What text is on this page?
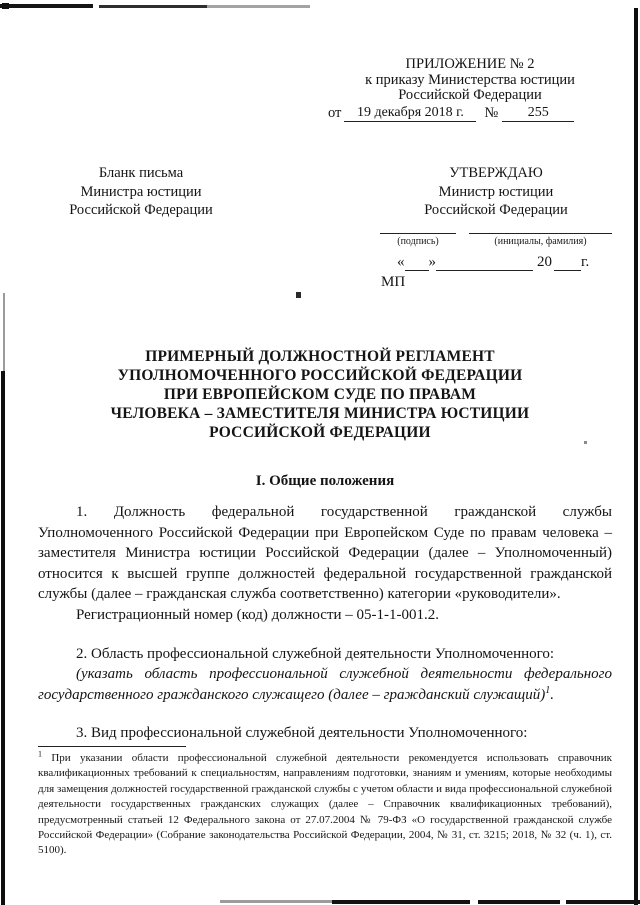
ПРИЛОЖЕНИЕ № 2
к приказу Министерства юстиции
Российской Федерации
от	19 декабря 2018 г.	№	255
Бланк письма
Министра юстиции
Российской Федерации
УТВЕРЖДАЮ
Министр юстиции
Российской Федерации
(подпись)	(инициалы, фамилия)
« »	20 г.
МП
ПРИМЕРНЫЙ ДОЛЖНОСТНОЙ РЕГЛАМЕНТ
УПОЛНОМОЧЕННОГО РОССИЙСКОЙ ФЕДЕРАЦИИ
ПРИ ЕВРОПЕЙСКОМ СУДЕ ПО ПРАВАМ
ЧЕЛОВЕКА – ЗАМЕСТИТЕЛЯ МИНИСТРА ЮСТИЦИИ
РОССИЙСКОЙ ФЕДЕРАЦИИ
I. Общие положения

1. Должность федеральной государственной гражданской службы Уполномоченного Российской Федерации при Европейском Суде по правам человека – заместителя Министра юстиции Российской Федерации (далее – Уполномоченный) относится к высшей группе должностей федеральной государственной гражданской службы (далее – гражданская служба соответственно) категории «руководители».

Регистрационный номер (код) должности – 05-1-1-001.2.

2. Область профессиональной служебной деятельности Уполномоченного:

(указать область профессиональной служебной деятельности федерального государственного гражданского служащего (далее – гражданский служащий)$^1$.

3. Вид профессиональной служебной деятельности Уполномоченного:

$^1$ При указании области профессиональной служебной деятельности рекомендуется использовать справочник квалификационных требований к специальностям, направлениям подготовки, знаниям и умениям, которые необходимы для замещения должностей государственной гражданской службы с учетом области и вида профессиональной служебной деятельности государственных гражданских служащих (далее – Справочник квалификационных требований), предусмотренный статьей 12 Федерального закона от 27.07.2004 № 79-ФЗ «О государственной гражданской службе Российской Федерации» (Собрание законодательства Российской Федерации, 2004, № 31, ст. 3215; 2018, № 32 (ч. 1), ст. 5100).
